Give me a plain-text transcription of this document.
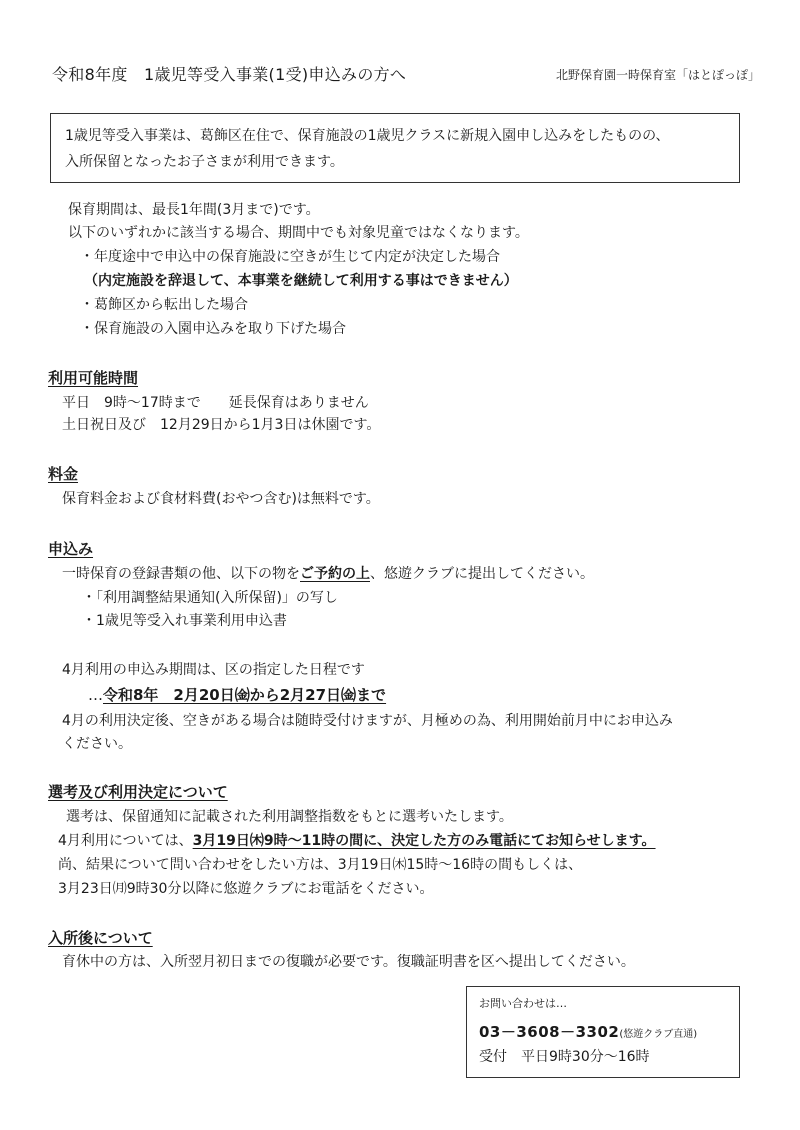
令和8年度　1歳児等受入事業(1受)申込みの方へ	北野保育園一時保育室「はとぽっぽ」

1歳児等受入事業は、葛飾区在住で、保育施設の1歳児クラスに新規入園申し込みをしたものの、

入所保留となったお子さまが利用できます。

保育期間は、最長1年間(3月まで)です。
以下のいずれかに該当する場合、期間中でも対象児童ではなくなります。
・年度途中で申込中の保育施設に空きが生じて内定が決定した場合
（内定施設を辞退して、本事業を継続して利用する事はできません）
・葛飾区から転出した場合
・保育施設の入園申込みを取り下げた場合
利用可能時間
平日　9時～17時まで　　延長保育はありません
土日祝日及び　12月29日から1月3日は休園です。
料金
保育料金および食材料費(おやつ含む)は無料です。
申込み
一時保育の登録書類の他、以下の物をご予約の上、悠遊クラブに提出してください。
・「利用調整結果通知(入所保留)」の写し
・1歳児等受入れ事業利用申込書
4月利用の申込み期間は、区の指定した日程です
…令和8年　2月20日㈮から2月27日㈮まで
4月の利用決定後、空きがある場合は随時受付けますが、月極めの為、利用開始前月中にお申込み
ください。
選考及び利用決定について
選考は、保留通知に記載された利用調整指数をもとに選考いたします。
4月利用については、3月19日㈭9時～11時の間に、決定した方のみ電話にてお知らせします。
尚、結果について問い合わせをしたい方は、3月19日㈭15時～16時の間もしくは、
3月23日㈪9時30分以降に悠遊クラブにお電話をください。
入所後について
育休中の方は、入所翌月初日までの復職が必要です。復職証明書を区へ提出してください。
お問い合わせは…
03－3608－3302(悠遊クラブ直通)
受付　平日9時30分～16時
